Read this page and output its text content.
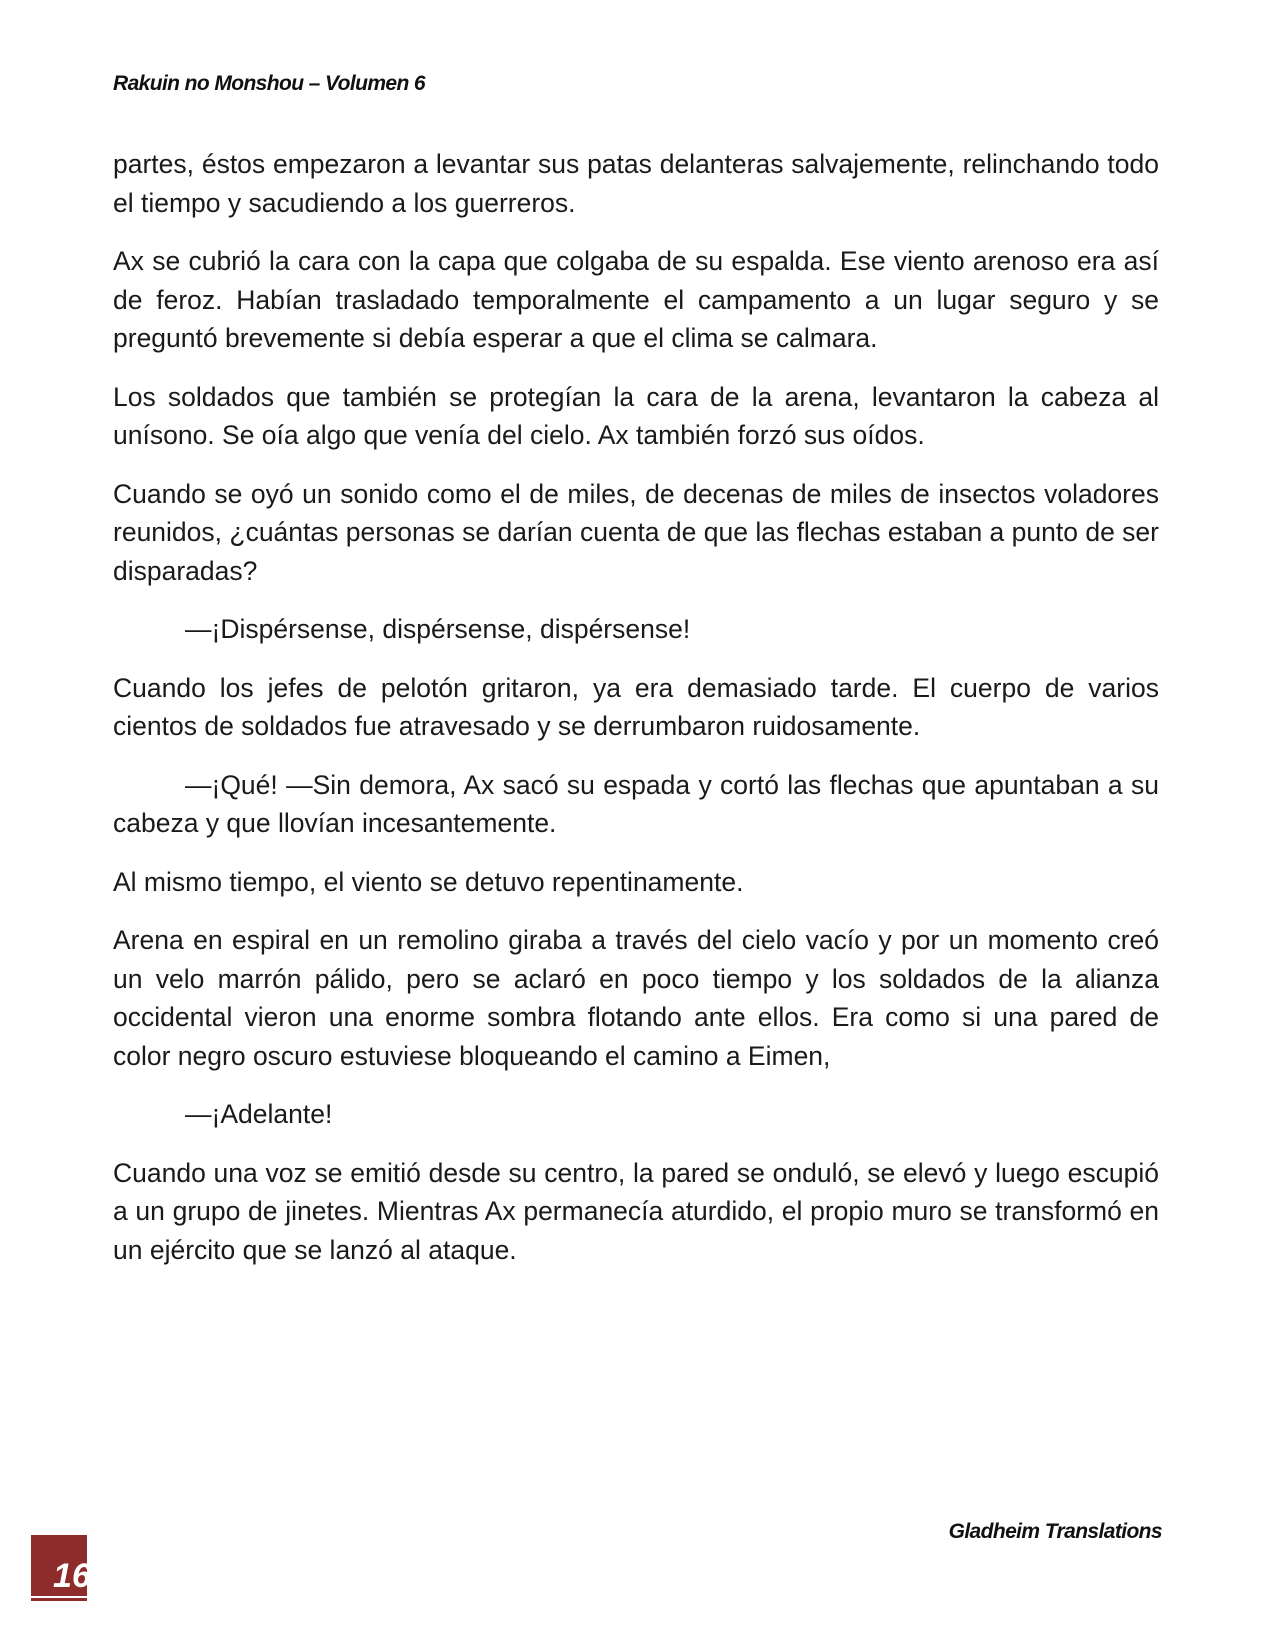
Rakuin no Monshou – Volumen 6

partes, éstos empezaron a levantar sus patas delanteras salvajemente, relinchando todo el tiempo y sacudiendo a los guerreros.

Ax se cubrió la cara con la capa que colgaba de su espalda. Ese viento arenoso era así de feroz. Habían trasladado temporalmente el campamento a un lugar seguro y se preguntó brevemente si debía esperar a que el clima se calmara.

Los soldados que también se protegían la cara de la arena, levantaron la cabeza al unísono. Se oía algo que venía del cielo. Ax también forzó sus oídos.

Cuando se oyó un sonido como el de miles, de decenas de miles de insectos voladores reunidos, ¿cuántas personas se darían cuenta de que las flechas estaban a punto de ser disparadas?

—¡Dispérsense, dispérsense, dispérsense!

Cuando los jefes de pelotón gritaron, ya era demasiado tarde. El cuerpo de varios cientos de soldados fue atravesado y se derrumbaron ruidosamente.

—¡Qué! —Sin demora, Ax sacó su espada y cortó las flechas que apuntaban a su cabeza y que llovían incesantemente.

Al mismo tiempo, el viento se detuvo repentinamente.

Arena en espiral en un remolino giraba a través del cielo vacío y por un momento creó un velo marrón pálido, pero se aclaró en poco tiempo y los soldados de la alianza occidental vieron una enorme sombra flotando ante ellos. Era como si una pared de color negro oscuro estuviese bloqueando el camino a Eimen,

—¡Adelante!

Cuando una voz se emitió desde su centro, la pared se onduló, se elevó y luego escupió a un grupo de jinetes. Mientras Ax permanecía aturdido, el propio muro se transformó en un ejército que se lanzó al ataque.

Gladheim Translations
16
